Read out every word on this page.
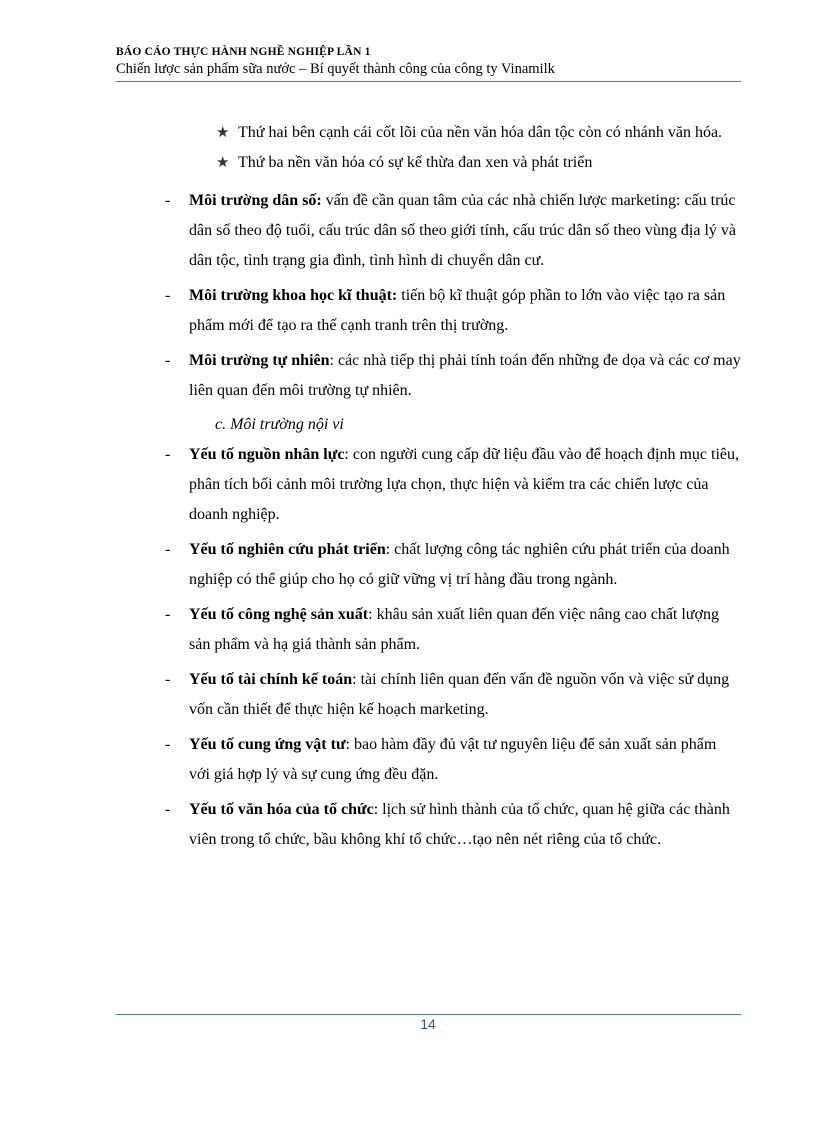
BÁO CÁO THỰC HÀNH NGHỀ NGHIỆP LẦN 1
Chiến lược sản phẩm sữa nước – Bí quyết thành công của công ty Vinamilk
★ Thứ hai bên cạnh cái cốt lõi của nền văn hóa dân tộc còn có nhánh văn hóa.
★ Thứ ba nền văn hóa có sự kế thừa đan xen và phát triển
- Môi trường dân số: vấn đề cần quan tâm của các nhà chiến lược marketing: cấu trúc dân số theo độ tuổi, cấu trúc dân số theo giới tính, cấu trúc dân số theo vùng địa lý và dân tộc, tình trạng gia đình, tình hình di chuyển dân cư.
- Môi trường khoa học kĩ thuật: tiến bộ kĩ thuật góp phần to lớn vào việc tạo ra sản phẩm mới để tạo ra thế cạnh tranh trên thị trường.
- Môi trường tự nhiên: các nhà tiếp thị phải tính toán đến những đe dọa và các cơ may liên quan đến môi trường tự nhiên.
c. Môi trường nội vi
- Yếu tố nguồn nhân lực: con người cung cấp dữ liệu đầu vào để hoạch định mục tiêu, phân tích bối cảnh môi trường lựa chọn, thực hiện và kiểm tra các chiến lược của doanh nghiệp.
- Yếu tố nghiên cứu phát triển: chất lượng công tác nghiên cứu phát triển của doanh nghiệp có thể giúp cho họ có giữ vững vị trí hàng đầu trong ngành.
- Yếu tố công nghệ sản xuất: khâu sản xuất liên quan đến việc nâng cao chất lượng sản phẩm và hạ giá thành sản phẩm.
- Yếu tố tài chính kế toán: tài chính liên quan đến vấn đề nguồn vốn và việc sử dụng vốn cần thiết để thực hiện kế hoạch marketing.
- Yếu tố cung ứng vật tư: bao hàm đầy đủ vật tư nguyên liệu để sản xuất sản phẩm với giá hợp lý và sự cung ứng đều đặn.
- Yếu tố văn hóa của tổ chức: lịch sử hình thành của tổ chức, quan hệ giữa các thành viên trong tổ chức, bầu không khí tổ chức…tạo nên nét riêng của tổ chức.
14
